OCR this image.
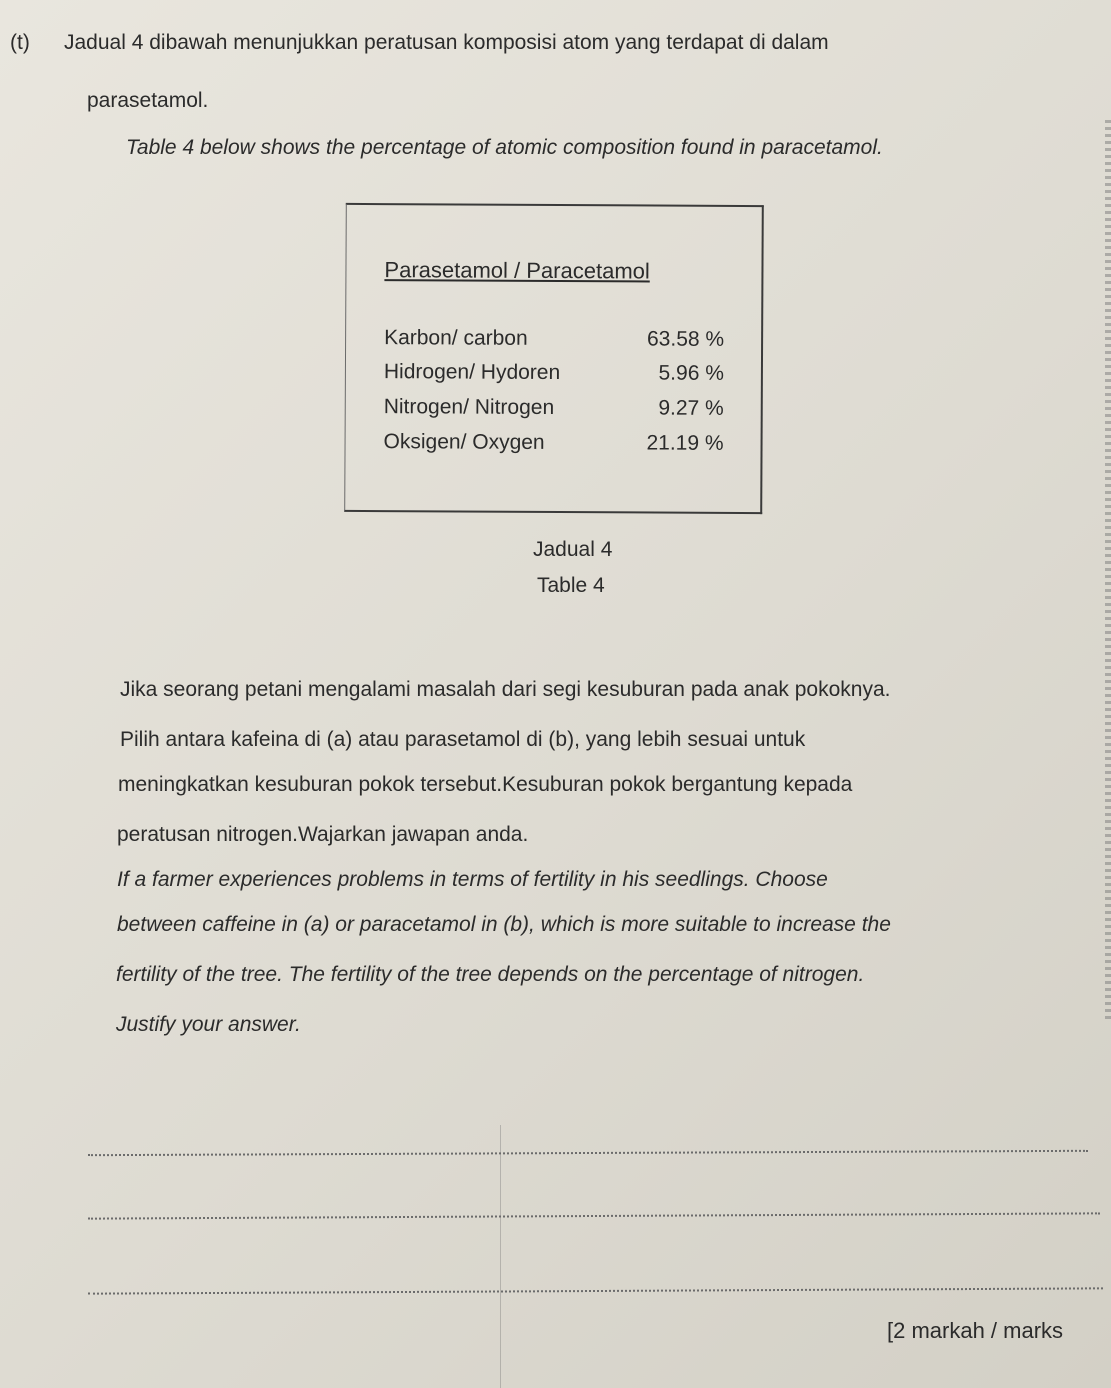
(t) Jadual 4 dibawah menunjukkan peratusan komposisi atom yang terdapat di dalam
parasetamol.
Table 4 below shows the percentage of atomic composition found in paracetamol.
Parasetamol / Paracetamol
Karbon/ carbon	63.58 %
Hidrogen/ Hydoren	5.96 %
Nitrogen/ Nitrogen	9.27 %
Oksigen/ Oxygen	21.19 %
Jadual 4
Table 4
Jika seorang petani mengalami masalah dari segi kesuburan pada anak pokoknya.
Pilih antara kafeina di (a) atau parasetamol di (b), yang lebih sesuai untuk
meningkatkan kesuburan pokok tersebut.Kesuburan pokok bergantung kepada
peratusan nitrogen.Wajarkan jawapan anda.
If a farmer experiences problems in terms of fertility in his seedlings. Choose
between caffeine in (a) or paracetamol in (b), which is more suitable to increase the
fertility of the tree. The fertility of the tree depends on the percentage of nitrogen.
Justify your answer.
[2 markah / marks
